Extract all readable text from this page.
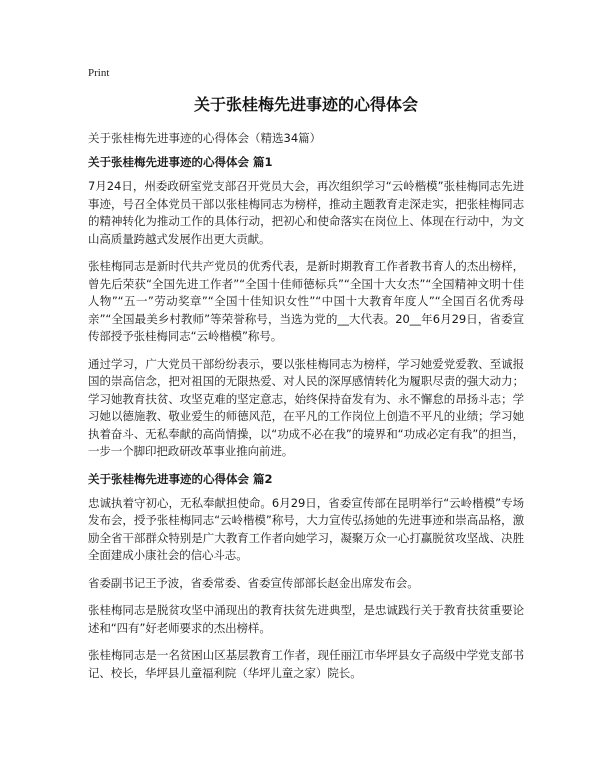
Print
关于张桂梅先进事迹的心得体会

关于张桂梅先进事迹的心得体会（精选34篇）

关于张桂梅先进事迹的心得体会 篇1

7月24日，州委政研室党支部召开党员大会，再次组织学习“云岭楷模”张桂梅同志先进事迹，号召全体党员干部以张桂梅同志为榜样，推动主题教育走深走实，把张桂梅同志的精神转化为推动工作的具体行动，把初心和使命落实在岗位上、体现在行动中，为文山高质量跨越式发展作出更大贡献。

张桂梅同志是新时代共产党员的优秀代表，是新时期教育工作者教书育人的杰出榜样，曾先后荣获“全国先进工作者”“全国十佳师德标兵”“全国十大女杰”“全国精神文明十佳人物”“五一”劳动奖章”“全国十佳知识女性”“中国十大教育年度人”“全国百名优秀母亲”“全国最美乡村教师”等荣誉称号，当选为党的__大代表。20__年6月29日，省委宣传部授予张桂梅同志“云岭楷模”称号。

通过学习，广大党员干部纷纷表示，要以张桂梅同志为榜样，学习她爱党爱教、至诚报国的崇高信念，把对祖国的无限热爱、对人民的深厚感情转化为履职尽责的强大动力；学习她教育扶贫、攻坚克难的坚定意志，始终保持奋发有为、永不懈怠的昂扬斗志；学习她以德施教、敬业爱生的师德风范，在平凡的工作岗位上创造不平凡的业绩；学习她执着奋斗、无私奉献的高尚情操，以“功成不必在我”的境界和“功成必定有我”的担当，一步一个脚印把政研改革事业推向前进。

关于张桂梅先进事迹的心得体会 篇2

忠诚执着守初心，无私奉献担使命。6月29日，省委宣传部在昆明举行“云岭楷模”专场发布会，授予张桂梅同志“云岭楷模”称号，大力宣传弘扬她的先进事迹和崇高品格，激励全省干部群众特别是广大教育工作者向她学习，凝聚万众一心打赢脱贫攻坚战、决胜全面建成小康社会的信心斗志。

省委副书记王予波，省委常委、省委宣传部部长赵金出席发布会。

张桂梅同志是脱贫攻坚中涌现出的教育扶贫先进典型，是忠诚践行关于教育扶贫重要论述和“四有”好老师要求的杰出榜样。

张桂梅同志是一名贫困山区基层教育工作者，现任丽江市华坪县女子高级中学党支部书记、校长，华坪县儿童福利院（华坪儿童之家）院长。
